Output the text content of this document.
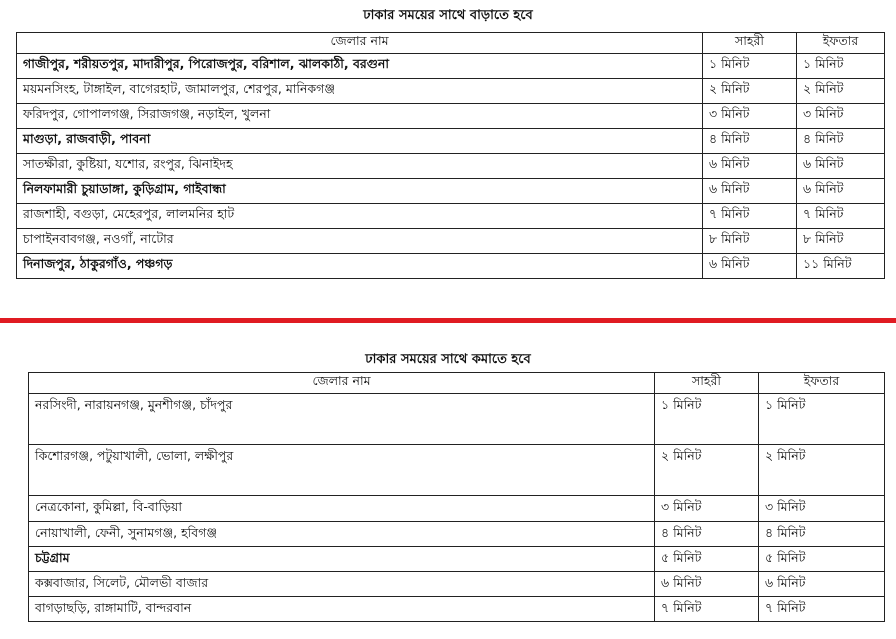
ঢাকার সময়ের সাথে বাড়াতে হবে
জেলার নাম	সাহরী	ইফতার
গাজীপুর, শরীয়তপুর, মাদারীপুর, পিরোজপুর, বরিশাল, ঝালকাঠী, বরগুনা	১ মিনিট	১ মিনিট
ময়মনসিংহ, টাঙ্গাইল, বাগেরহাট, জামালপুর, শেরপুর, মানিকগঞ্জ	২ মিনিট	২ মিনিট
ফরিদপুর, গোপালগঞ্জ, সিরাজগঞ্জ, নড়াইল, খুলনা	৩ মিনিট	৩ মিনিট
মাগুড়া, রাজবাড়ী, পাবনা	৪ মিনিট	৪ মিনিট
সাতক্ষীরা, কুষ্টিয়া, যশোর, রংপুর, ঝিনাইদহ	৬ মিনিট	৬ মিনিট
নিলফামারী চুয়াডাঙ্গা, কুড়িগ্রাম, গাইবান্ধা	৬ মিনিট	৬ মিনিট
রাজশাহী, বগুড়া, মেহেরপুর, লালমনির হাট	৭ মিনিট	৭ মিনিট
চাপাইনবাবগঞ্জ, নওগাঁ, নাটোর	৮ মিনিট	৮ মিনিট
দিনাজপুর, ঠাকুরগাঁও, পঞ্চগড়	৬ মিনিট	১১ মিনিট
ঢাকার সময়ের সাথে কমাতে হবে
জেলার নাম	সাহরী	ইফতার
নরসিংদী, নারায়নগঞ্জ, মুনশীগঞ্জ, চাঁদপুর	১ মিনিট	১ মিনিট
কিশোরগঞ্জ, পটুয়াখালী, ভোলা, লক্ষীপুর	২ মিনিট	২ মিনিট
নেত্রকোনা, কুমিল্লা, বি-বাড়িয়া	৩ মিনিট	৩ মিনিট
নোয়াখালী, ফেনী, সুনামগঞ্জ, হবিগঞ্জ	৪ মিনিট	৪ মিনিট
চট্টগ্রাম	৫ মিনিট	৫ মিনিট
কক্সবাজার, সিলেট, মৌলভী বাজার	৬ মিনিট	৬ মিনিট
বাগড়াছড়ি, রাঙ্গামাটি, বান্দরবান	৭ মিনিট	৭ মিনিট
